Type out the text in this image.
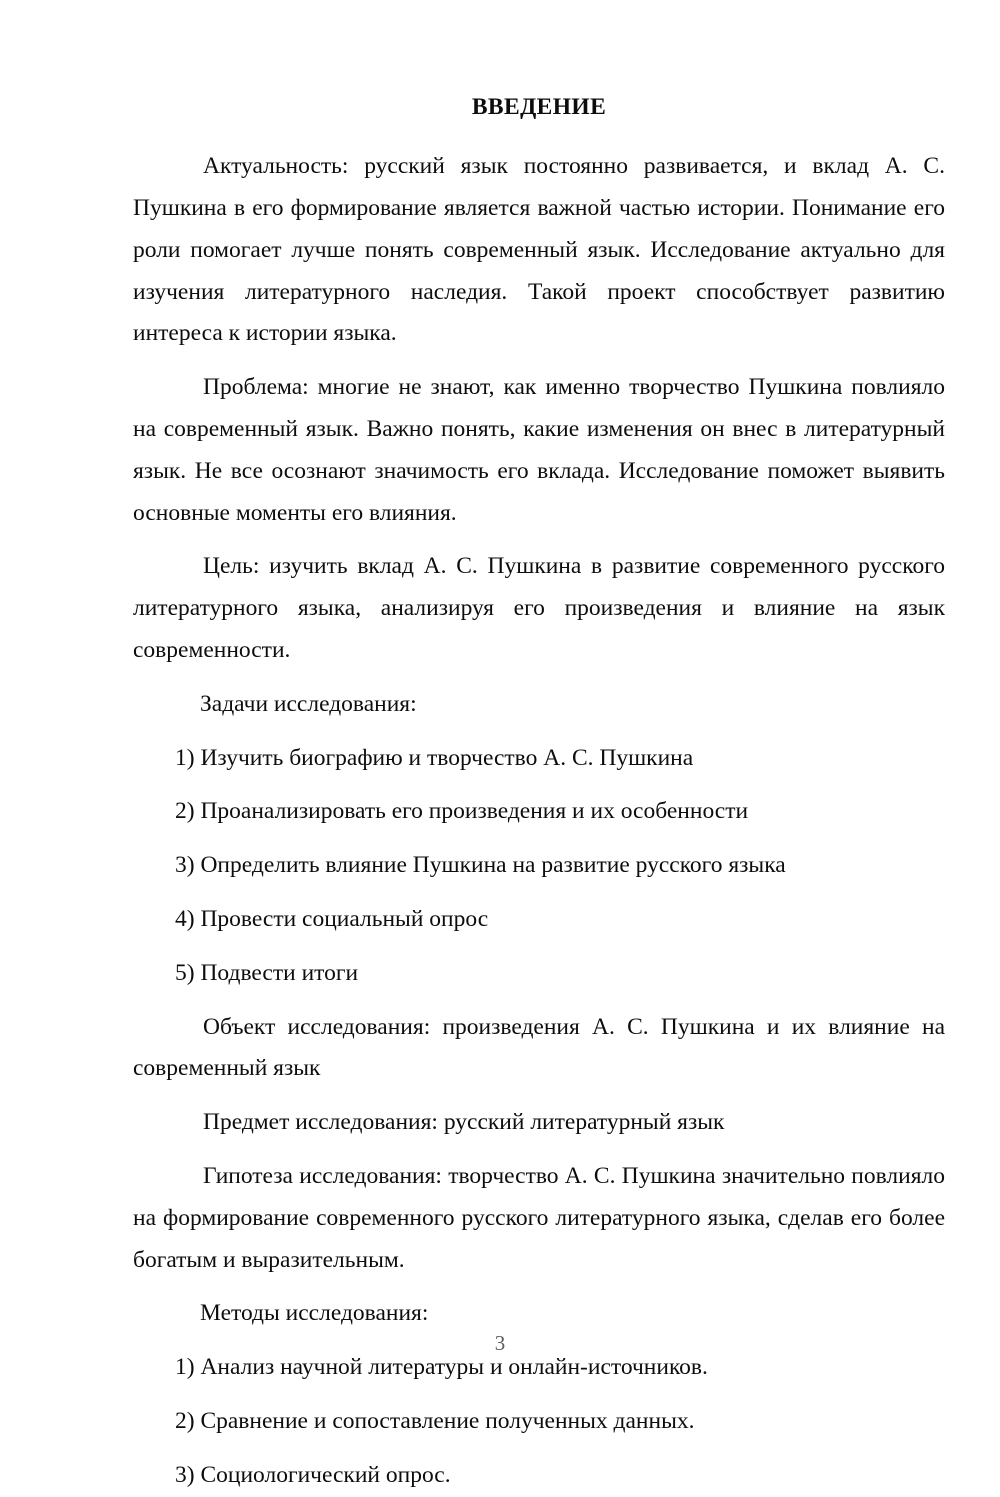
ВВЕДЕНИЕ

Актуальность: русский язык постоянно развивается, и вклад А. С. Пушкина в его формирование является важной частью истории. Понимание его роли помогает лучше понять современный язык. Исследование актуально для изучения литературного наследия. Такой проект способствует развитию интереса к истории языка.

Проблема: многие не знают, как именно творчество Пушкина повлияло на современный язык. Важно понять, какие изменения он внес в литературный язык. Не все осознают значимость его вклада. Исследование поможет выявить основные моменты его влияния.

Цель: изучить вклад А. С. Пушкина в развитие современного русского литературного языка, анализируя его произведения и влияние на язык современности.

Задачи исследования:

1) Изучить биографию и творчество А. С. Пушкина

2) Проанализировать его произведения и их особенности

3) Определить влияние Пушкина на развитие русского языка

4) Провести социальный опрос

5) Подвести итоги

Объект исследования: произведения А. С. Пушкина и их влияние на современный язык

Предмет исследования: русский литературный язык

Гипотеза исследования: творчество А. С. Пушкина значительно повлияло на формирование современного русского литературного языка, сделав его более богатым и выразительным.

Методы исследования:

1) Анализ научной литературы и онлайн-источников.

2) Сравнение и сопоставление полученных данных.

3) Социологический опрос.

3
